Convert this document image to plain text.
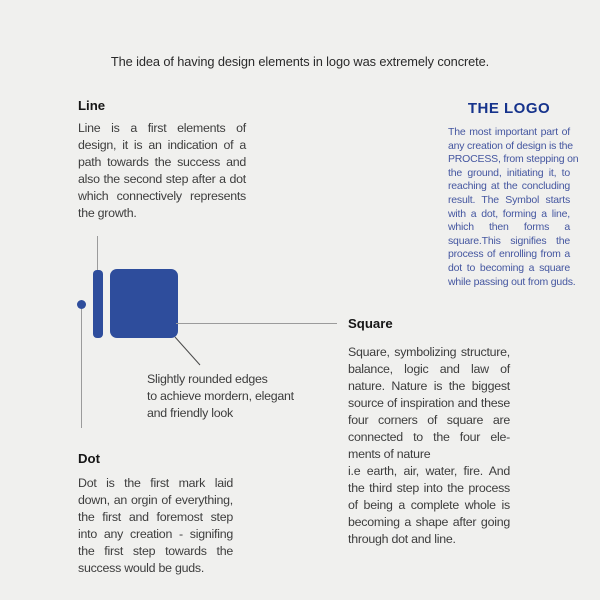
The idea of having design elements in logo was extremely concrete.
Line
Line is a first elements of
design, it is an indication of a
path towards the success and
also the second step after a dot
which connectively represents
the growth.
THE LOGO
The most important part of
any creation of design is the
PROCESS, from stepping on
the ground, initiating it, to
reaching at the concluding
result. The Symbol starts
with a dot, forming a line,
which then forms a
square.This signifies the
process of enrolling from a
dot to becoming a square
while passing out from guds.
Square
Square, symbolizing structure,
balance, logic and law of
nature. Nature is the biggest
source of inspiration and these
four corners of square are
connected to the four ele-
ments of nature
i.e earth, air, water, fire. And
the third step into the process
of being a complete whole is
becoming a shape after going
through dot and line.
Slightly rounded edges
to achieve mordern, elegant
and friendly look
Dot
Dot is the first mark laid
down, an orgin of everything,
the first and foremost step
into any creation - signifing
the first step towards the
success would be guds.
